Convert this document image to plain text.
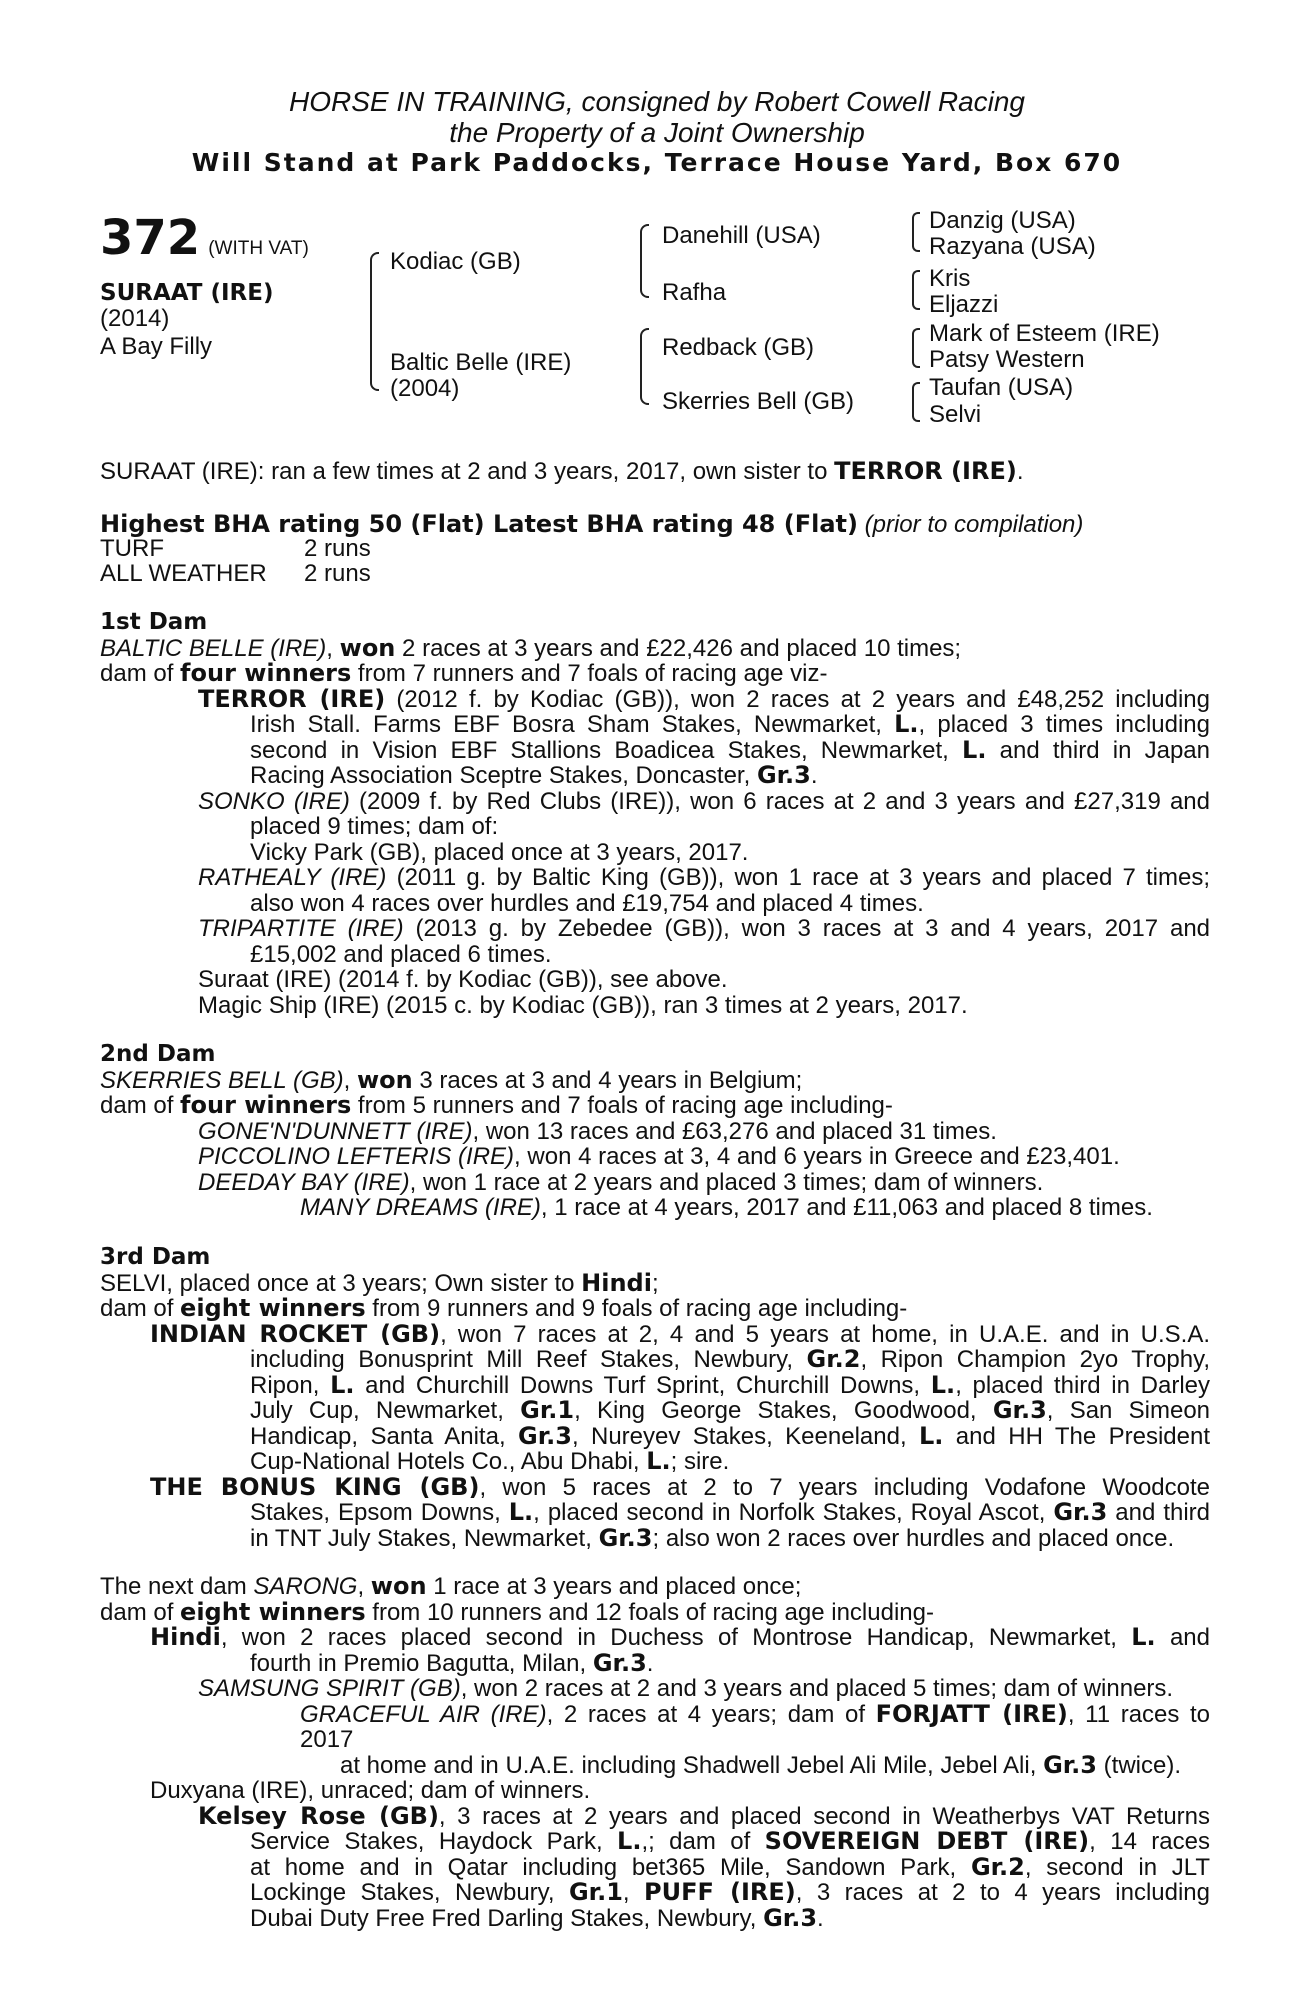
HORSE IN TRAINING, consigned by Robert Cowell Racing
the Property of a Joint Ownership
Will Stand at Park Paddocks, Terrace House Yard, Box 670
372 (WITH VAT)
SURAAT (IRE)
(2014)
A Bay Filly
Kodiac (GB)
Baltic Belle (IRE)
(2004)
Danehill (USA)
Rafha
Redback (GB)
Skerries Bell (GB)
Danzig (USA)
Razyana (USA)
Kris
Eljazzi
Mark of Esteem (IRE)
Patsy Western
Taufan (USA)
Selvi
SURAAT (IRE): ran a few times at 2 and 3 years, 2017, own sister to TERROR (IRE).
Highest BHA rating 50 (Flat) Latest BHA rating 48 (Flat) (prior to compilation)
TURF	2 runs
ALL WEATHER 2 runs
1st Dam
BALTIC BELLE (IRE), won 2 races at 3 years and £22,426 and placed 10 times;
dam of four winners from 7 runners and 7 foals of racing age viz-
TERROR (IRE) (2012 f. by Kodiac (GB)), won 2 races at 2 years and £48,252 including
Irish Stall. Farms EBF Bosra Sham Stakes, Newmarket, L., placed 3 times including
second in Vision EBF Stallions Boadicea Stakes, Newmarket, L. and third in Japan
Racing Association Sceptre Stakes, Doncaster, Gr.3.
SONKO (IRE) (2009 f. by Red Clubs (IRE)), won 6 races at 2 and 3 years and £27,319 and
placed 9 times; dam of:
Vicky Park (GB), placed once at 3 years, 2017.
RATHEALY (IRE) (2011 g. by Baltic King (GB)), won 1 race at 3 years and placed 7 times;
also won 4 races over hurdles and £19,754 and placed 4 times.
TRIPARTITE (IRE) (2013 g. by Zebedee (GB)), won 3 races at 3 and 4 years, 2017 and
£15,002 and placed 6 times.
Suraat (IRE) (2014 f. by Kodiac (GB)), see above.
Magic Ship (IRE) (2015 c. by Kodiac (GB)), ran 3 times at 2 years, 2017.
2nd Dam
SKERRIES BELL (GB), won 3 races at 3 and 4 years in Belgium;
dam of four winners from 5 runners and 7 foals of racing age including-
GONE'N'DUNNETT (IRE), won 13 races and £63,276 and placed 31 times.
PICCOLINO LEFTERIS (IRE), won 4 races at 3, 4 and 6 years in Greece and £23,401.
DEEDAY BAY (IRE), won 1 race at 2 years and placed 3 times; dam of winners.
MANY DREAMS (IRE), 1 race at 4 years, 2017 and £11,063 and placed 8 times.
3rd Dam
SELVI, placed once at 3 years; Own sister to Hindi;
dam of eight winners from 9 runners and 9 foals of racing age including-
INDIAN ROCKET (GB), won 7 races at 2, 4 and 5 years at home, in U.A.E. and in U.S.A.
including Bonusprint Mill Reef Stakes, Newbury, Gr.2, Ripon Champion 2yo Trophy,
Ripon, L. and Churchill Downs Turf Sprint, Churchill Downs, L., placed third in Darley
July Cup, Newmarket, Gr.1, King George Stakes, Goodwood, Gr.3, San Simeon
Handicap, Santa Anita, Gr.3, Nureyev Stakes, Keeneland, L. and HH The President
Cup-National Hotels Co., Abu Dhabi, L.; sire.
THE BONUS KING (GB), won 5 races at 2 to 7 years including Vodafone Woodcote
Stakes, Epsom Downs, L., placed second in Norfolk Stakes, Royal Ascot, Gr.3 and third
in TNT July Stakes, Newmarket, Gr.3; also won 2 races over hurdles and placed once.
The next dam SARONG, won 1 race at 3 years and placed once;
dam of eight winners from 10 runners and 12 foals of racing age including-
Hindi, won 2 races placed second in Duchess of Montrose Handicap, Newmarket, L. and
fourth in Premio Bagutta, Milan, Gr.3.
SAMSUNG SPIRIT (GB), won 2 races at 2 and 3 years and placed 5 times; dam of winners.
GRACEFUL AIR (IRE), 2 races at 4 years; dam of FORJATT (IRE), 11 races to 2017
at home and in U.A.E. including Shadwell Jebel Ali Mile, Jebel Ali, Gr.3 (twice).
Duxyana (IRE), unraced; dam of winners.
Kelsey Rose (GB), 3 races at 2 years and placed second in Weatherbys VAT Returns
Service Stakes, Haydock Park, L.,; dam of SOVEREIGN DEBT (IRE), 14 races
at home and in Qatar including bet365 Mile, Sandown Park, Gr.2, second in JLT
Lockinge Stakes, Newbury, Gr.1, PUFF (IRE), 3 races at 2 to 4 years including
Dubai Duty Free Fred Darling Stakes, Newbury, Gr.3.
